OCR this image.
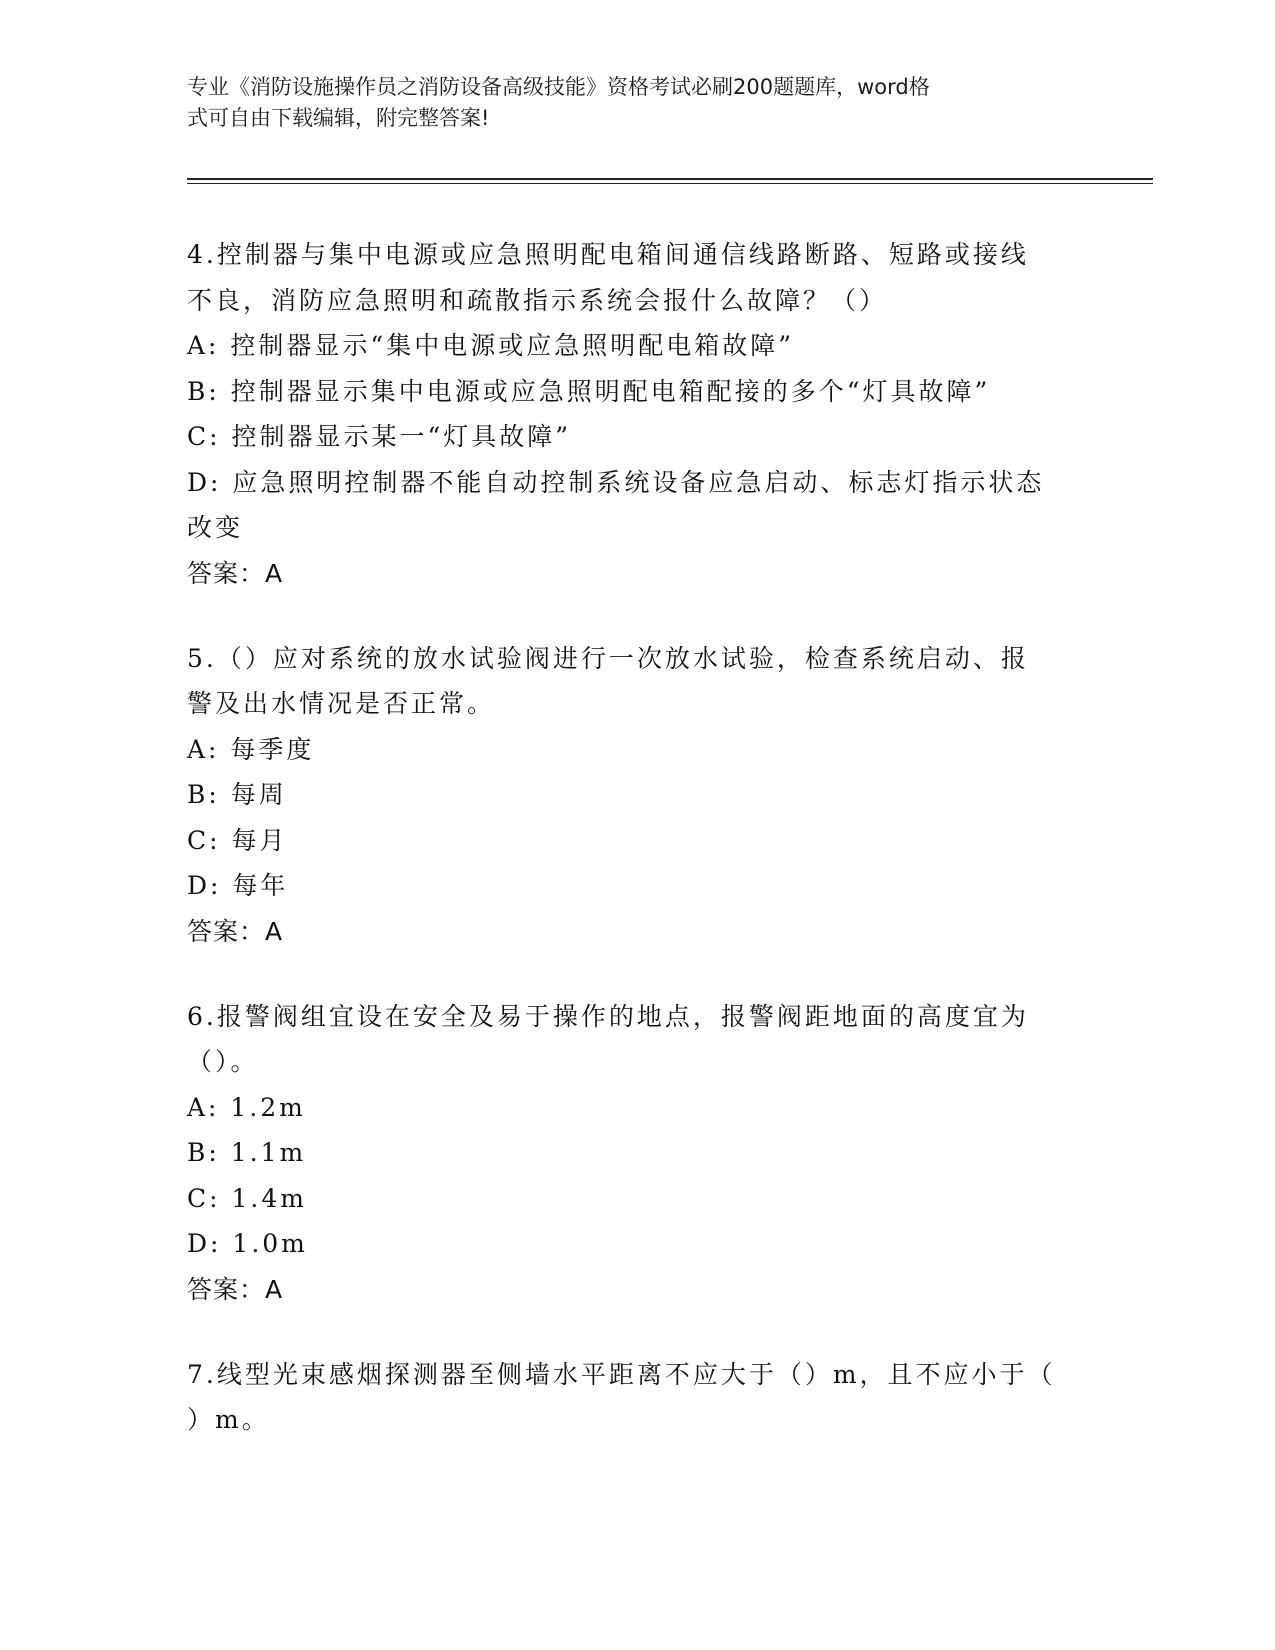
专业《消防设施操作员之消防设备高级技能》资格考试必刷200题题库，word格
式可自由下载编辑，附完整答案!
4.控制器与集中电源或应急照明配电箱间通信线路断路、短路或接线
不良，消防应急照明和疏散指示系统会报什么故障？（）
A: 控制器显示“集中电源或应急照明配电箱故障”
B: 控制器显示集中电源或应急照明配电箱配接的多个“灯具故障”
C: 控制器显示某一“灯具故障”
D: 应急照明控制器不能自动控制系统设备应急启动、标志灯指示状态
改变
答案：A
5.（）应对系统的放水试验阀进行一次放水试验，检查系统启动、报
警及出水情况是否正常。
A: 每季度
B: 每周
C: 每月
D: 每年
答案：A
6.报警阀组宜设在安全及易于操作的地点，报警阀距地面的高度宜为
（）。
A: 1.2m
B: 1.1m
C: 1.4m
D: 1.0m
答案：A
7.线型光束感烟探测器至侧墙水平距离不应大于（）m，且不应小于（
）m。
